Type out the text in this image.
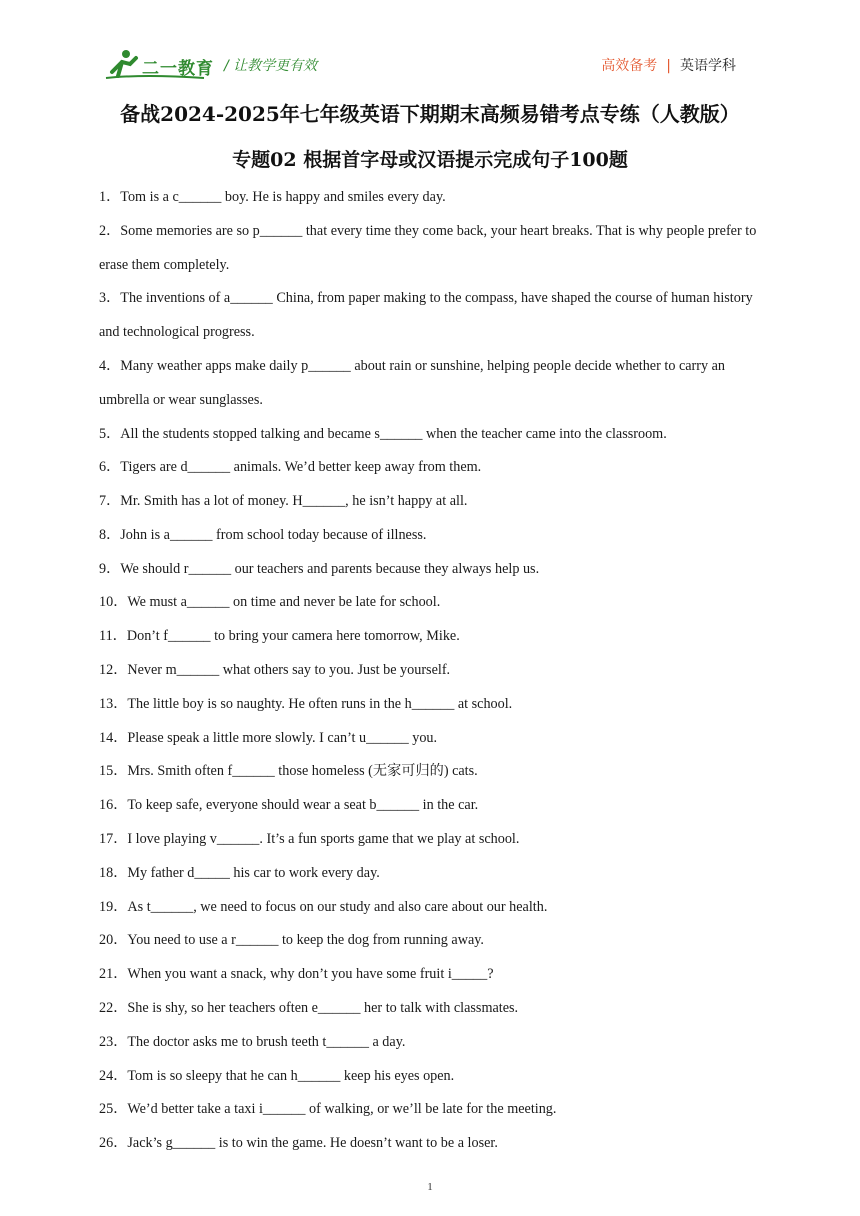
二一教育 / 让教学更有效	高效备考 | 英语学科
备战2024-2025年七年级英语下期期末高频易错考点专练（人教版）
专题02 根据首字母或汉语提示完成句子100题
1．Tom is a c______ boy. He is happy and smiles every day.
2．Some memories are so p______ that every time they come back, your heart breaks. That is why people prefer to erase them completely.
3．The inventions of a______ China, from paper making to the compass, have shaped the course of human history and technological progress.
4．Many weather apps make daily p______ about rain or sunshine, helping people decide whether to carry an umbrella or wear sunglasses.
5．All the students stopped talking and became s______ when the teacher came into the classroom.
6．Tigers are d______ animals. We’d better keep away from them.
7．Mr. Smith has a lot of money. H______, he isn’t happy at all.
8．John is a______ from school today because of illness.
9．We should r______ our teachers and parents because they always help us.
10．We must a______ on time and never be late for school.
11．Don’t f______ to bring your camera here tomorrow, Mike.
12．Never m______ what others say to you. Just be yourself.
13．The little boy is so naughty. He often runs in the h______ at school.
14．Please speak a little more slowly. I can’t u______ you.
15．Mrs. Smith often f______ those homeless (无家可归的) cats.
16．To keep safe, everyone should wear a seat b______ in the car.
17．I love playing v______. It’s a fun sports game that we play at school.
18．My father d_____ his car to work every day.
19．As t______, we need to focus on our study and also care about our health.
20．You need to use a r______ to keep the dog from running away.
21．When you want a snack, why don’t you have some fruit i_____?
22．She is shy, so her teachers often e______ her to talk with classmates.
23．The doctor asks me to brush teeth t______ a day.
24．Tom is so sleepy that he can h______ keep his eyes open.
25．We’d better take a taxi i______ of walking, or we’ll be late for the meeting.
26．Jack’s g______ is to win the game. He doesn’t want to be a loser.
1
